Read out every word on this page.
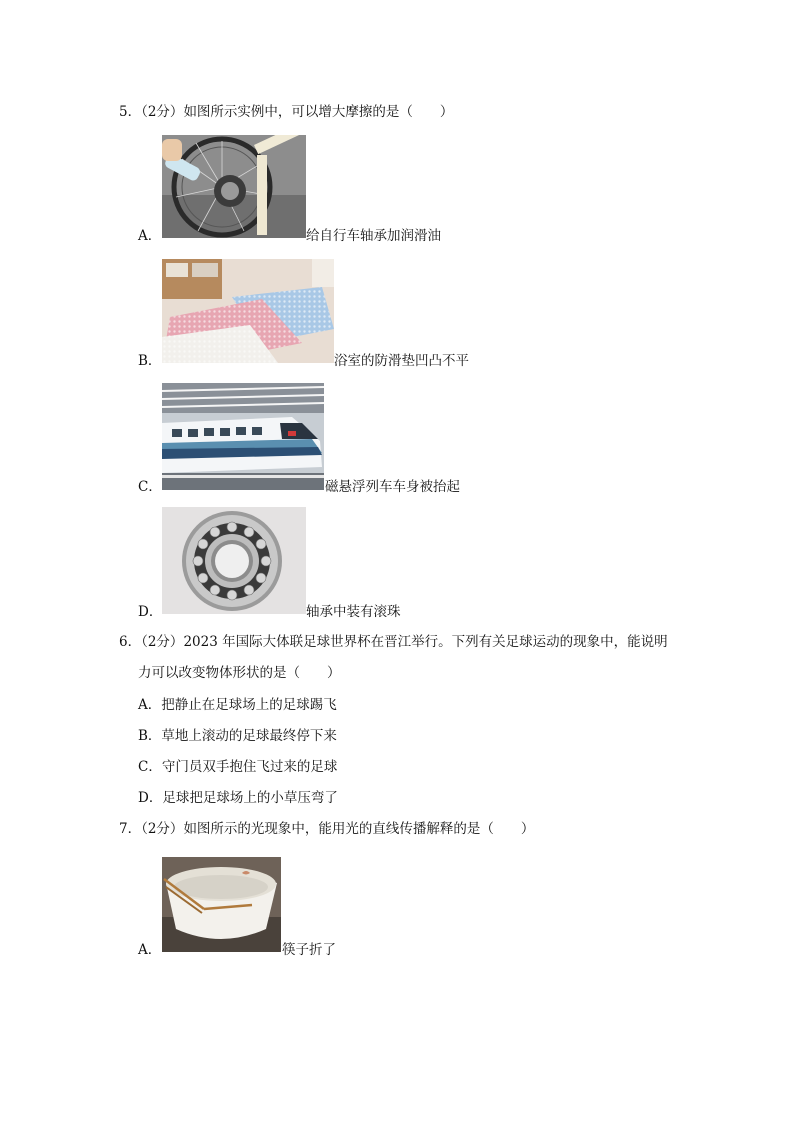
5．（2分）如图所示实例中，可以增大摩擦的是（　　）
A．	给自行车轴承加润滑油
B．	浴室的防滑垫凹凸不平
C．	磁悬浮列车车身被抬起
D．	轴承中装有滚珠
6．（2分）2023 年国际大体联足球世界杯在晋江举行。下列有关足球运动的现象中，能说明
力可以改变物体形状的是（　　）
A．把静止在足球场上的足球踢飞
B．草地上滚动的足球最终停下来
C．守门员双手抱住飞过来的足球
D．足球把足球场上的小草压弯了
7．（2分）如图所示的光现象中，能用光的直线传播解释的是（　　）
A．	筷子折了
